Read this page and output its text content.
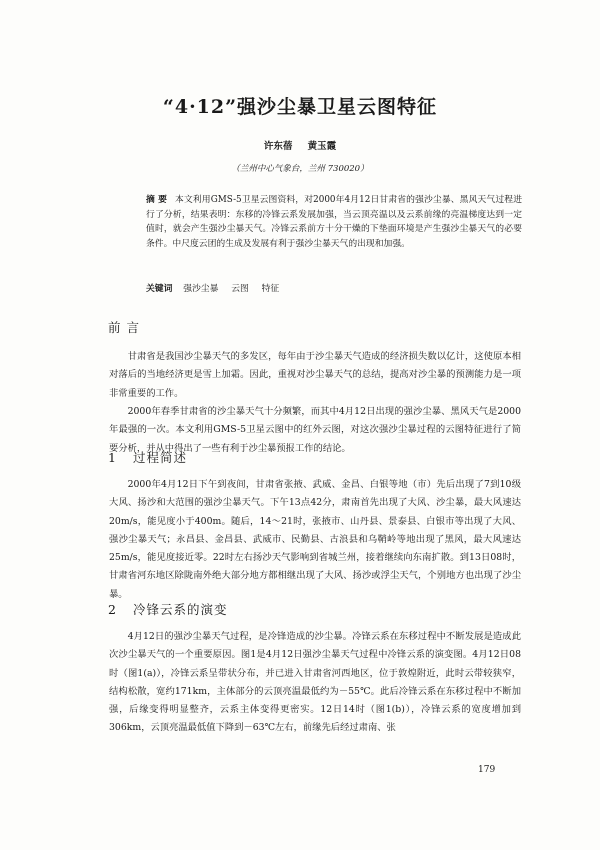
“4·12”强沙尘暴卫星云图特征
许东蓓 黄玉霞
（兰州中心气象台，兰州 730020）
摘 要 本文利用GMS-5卫星云图资料，对2000年4月12日甘肃省的强沙尘暴、黑风天气过程进行了分析，结果表明：东移的冷锋云系发展加强，当云顶亮温以及云系前缘的亮温梯度达到一定值时，就会产生强沙尘暴天气。冷锋云系前方十分干燥的下垫面环境是产生强沙尘暴天气的必要条件。中尺度云团的生成及发展有利于强沙尘暴天气的出现和加强。
关键词 强沙尘暴 云图 特征
前 言

甘肃省是我国沙尘暴天气的多发区，每年由于沙尘暴天气造成的经济损失数以亿计，这使原本相对落后的当地经济更是雪上加霜。因此，重视对沙尘暴天气的总结，提高对沙尘暴的预测能力是一项非常重要的工作。

2000年春季甘肃省的沙尘暴天气十分频繁，而其中4月12日出现的强沙尘暴、黑风天气是2000年最强的一次。本文利用GMS-5卫星云图中的红外云图，对这次强沙尘暴过程的云图特征进行了简要分析，并从中得出了一些有利于沙尘暴预报工作的结论。

1 过程简述

2000年4月12日下午到夜间，甘肃省张掖、武威、金昌、白银等地（市）先后出现了7到10级大风、扬沙和大范围的强沙尘暴天气。下午13点42分，肃南首先出现了大风、沙尘暴，最大风速达20m/s，能见度小于400m。随后，14～21时，张掖市、山丹县、景泰县、白银市等出现了大风、强沙尘暴天气；永昌县、金昌县、武威市、民勤县、古浪县和乌鞘岭等地出现了黑风，最大风速达25m/s，能见度接近零。22时左右扬沙天气影响到省城兰州，接着继续向东南扩散。到13日08时，甘肃省河东地区除陇南外绝大部分地方都相继出现了大风、扬沙或浮尘天气，个别地方也出现了沙尘暴。

2 冷锋云系的演变

4月12日的强沙尘暴天气过程，是冷锋造成的沙尘暴。冷锋云系在东移过程中不断发展是造成此次沙尘暴天气的一个重要原因。图1是4月12日强沙尘暴天气过程中冷锋云系的演变图。4月12日08时（图1(a)），冷锋云系呈带状分布，并已进入甘肃省河西地区，位于敦煌附近，此时云带较狭窄，结构松散，宽约171km，主体部分的云顶亮温最低约为－55℃。此后冷锋云系在东移过程中不断加强，后缘变得明显整齐，云系主体变得更密实。12日14时（图1(b)），冷锋云系的宽度增加到306km，云顶亮温最低值下降到－63℃左右，前缘先后经过肃南、张

179
